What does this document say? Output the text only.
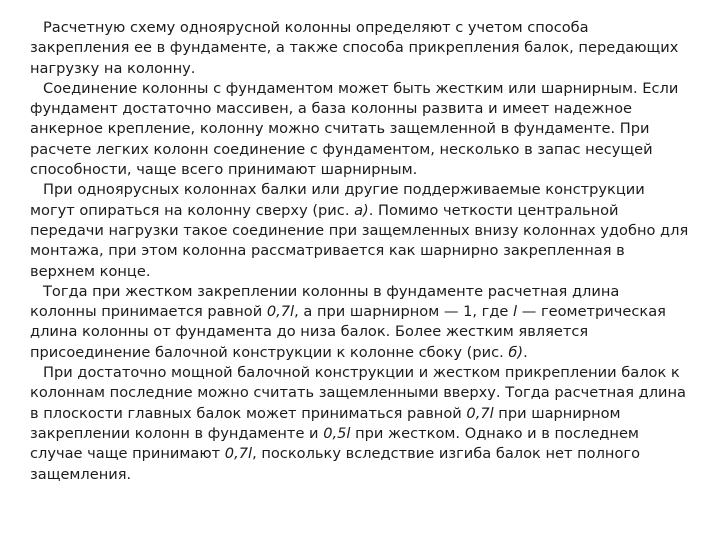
Расчетную схему одноярусной колонны определяют с учетом способа закрепления ее в фундаменте, а также способа прикрепления балок, передающих нагрузку на колонну.

Соединение колонны с фундаментом может быть жестким или шарнирным. Если фундамент достаточно массивен, а база колонны развита и имеет надежное анкерное крепление, колонну можно считать защемленной в фундаменте. При расчете легких колонн соединение с фундаментом, несколько в запас несущей способности, чаще всего принимают шарнирным.

При одноярусных колоннах балки или другие поддерживаемые конструкции могут опираться на колонну сверху (рис. а). Помимо четкости центральной передачи нагрузки такое соединение при защемленных внизу колоннах удобно для монтажа, при этом колонна рассматривается как шарнирно закрепленная в верхнем конце.

Тогда при жестком закреплении колонны в фундаменте расчетная длина колонны принимается равной 0,7l, а при шарнирном — 1, где l — геометрическая длина колонны от фундамента до низа балок. Более жестким является присоединение балочной конструкции к колонне сбоку (рис. б).

При достаточно мощной балочной конструкции и жестком прикреплении балок к колоннам последние можно считать защемленными вверху. Тогда расчетная длина в плоскости главных балок может приниматься равной 0,7l при шарнирном закреплении колонн в фундаменте и 0,5l при жестком. Однако и в последнем случае чаще принимают 0,7l, поскольку вследствие изгиба балок нет полного защемления.
